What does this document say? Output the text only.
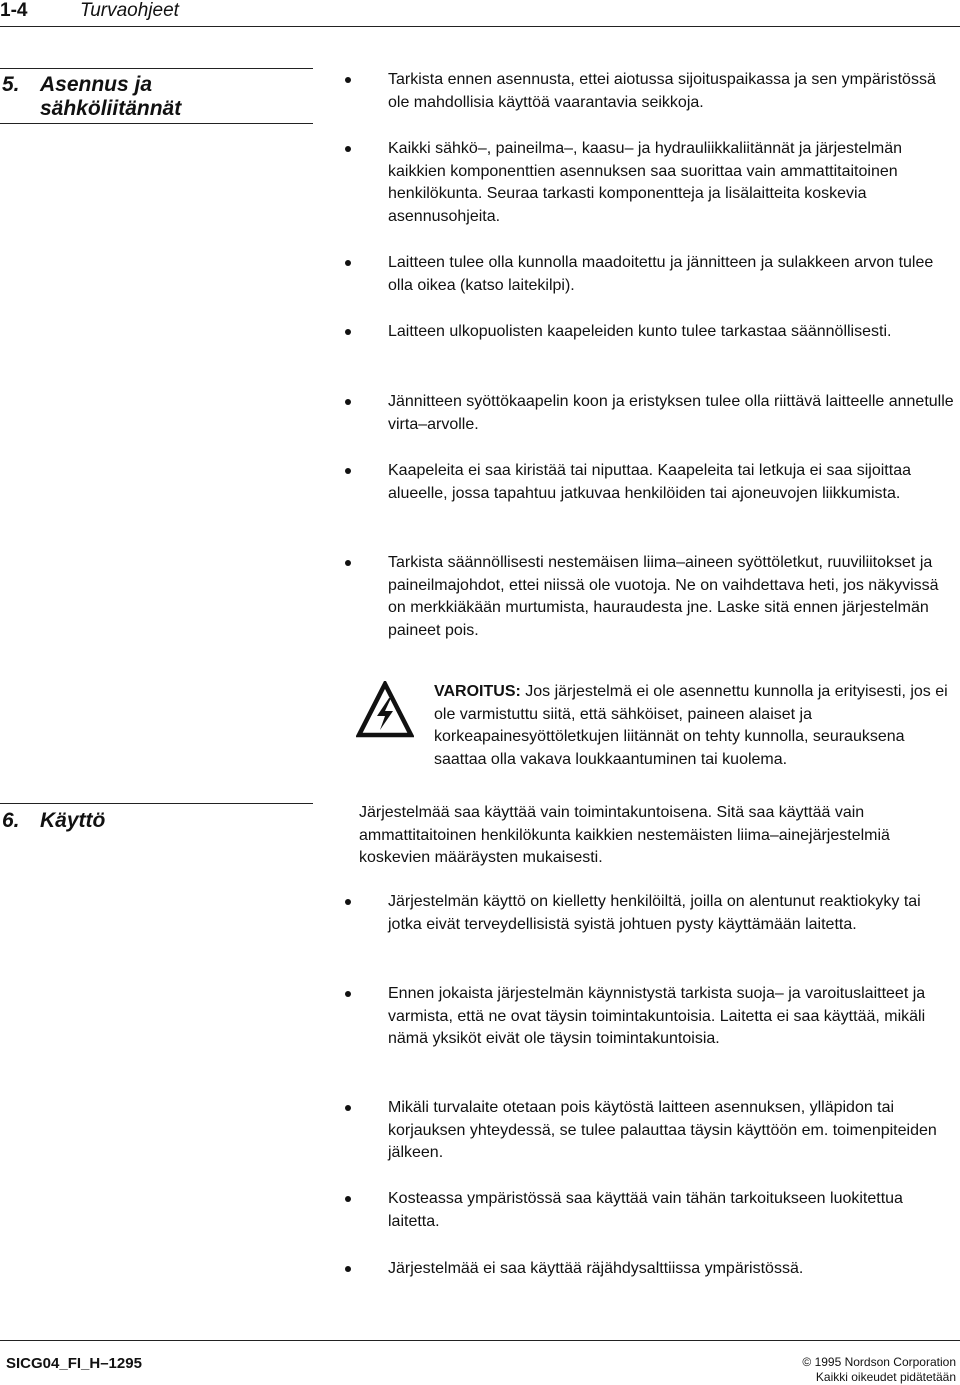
1-4	Turvaohjeet
5. Asennus ja
sähköliitännät
Tarkista ennen asennusta, ettei aiotussa sijoituspaikassa ja sen ympäristössä ole mahdollisia käyttöä vaarantavia seikkoja.
Kaikki sähkö–, paineilma–, kaasu– ja hydrauliikkaliitännät ja järjestelmän kaikkien komponenttien asennuksen saa suorittaa vain ammattitaitoinen henkilökunta. Seuraa tarkasti komponentteja ja lisälaitteita koskevia asennusohjeita.
Laitteen tulee olla kunnolla maadoitettu ja jännitteen ja sulakkeen arvon tulee olla oikea (katso laitekilpi).
Laitteen ulkopuolisten kaapeleiden kunto tulee tarkastaa säännöllisesti.
Jännitteen syöttökaapelin koon ja eristyksen tulee olla riittävä laitteelle annetulle virta–arvolle.
Kaapeleita ei saa kiristää tai niputtaa. Kaapeleita tai letkuja ei saa sijoittaa alueelle, jossa tapahtuu jatkuvaa henkilöiden tai ajoneuvojen liikkumista.
Tarkista säännöllisesti nestemäisen liima–aineen syöttöletkut, ruuviliitokset ja paineilmajohdot, ettei niissä ole vuotoja. Ne on vaihdettava heti, jos näkyvissä on merkkiäkään murtumista, hauraudesta jne. Laske sitä ennen järjestelmän paineet pois.
VAROITUS: Jos järjestelmä ei ole asennettu kunnolla ja erityisesti, jos ei ole varmistuttu siitä, että sähköiset, paineen alaiset ja korkeapainesyöttöletkujen liitännät on tehty kunnolla, seurauksena saattaa olla vakava loukkaantuminen tai kuolema.
6. Käyttö	Järjestelmää saa käyttää vain toimintakuntoisena. Sitä saa käyttää vain ammattitaitoinen henkilökunta kaikkien nestemäisten liima–ainejärjestelmiä koskevien määräysten mukaisesti.
Järjestelmän käyttö on kielletty henkilöiltä, joilla on alentunut reaktiokyky tai jotka eivät terveydellisistä syistä johtuen pysty käyttämään laitetta.
Ennen jokaista järjestelmän käynnistystä tarkista suoja– ja varoituslaitteet ja varmista, että ne ovat täysin toimintakuntoisia. Laitetta ei saa käyttää, mikäli nämä yksiköt eivät ole täysin toimintakuntoisia.
Mikäli turvalaite otetaan pois käytöstä laitteen asennuksen, ylläpidon tai korjauksen yhteydessä, se tulee palauttaa täysin käyttöön em. toimenpiteiden jälkeen.
Kosteassa ympäristössä saa käyttää vain tähän tarkoitukseen luokitettua laitetta.
Järjestelmää ei saa käyttää räjähdysalttiissa ympäristössä.
SICG04_FI_H–1295	© 1995 Nordson Corporation
Kaikki oikeudet pidätetään
